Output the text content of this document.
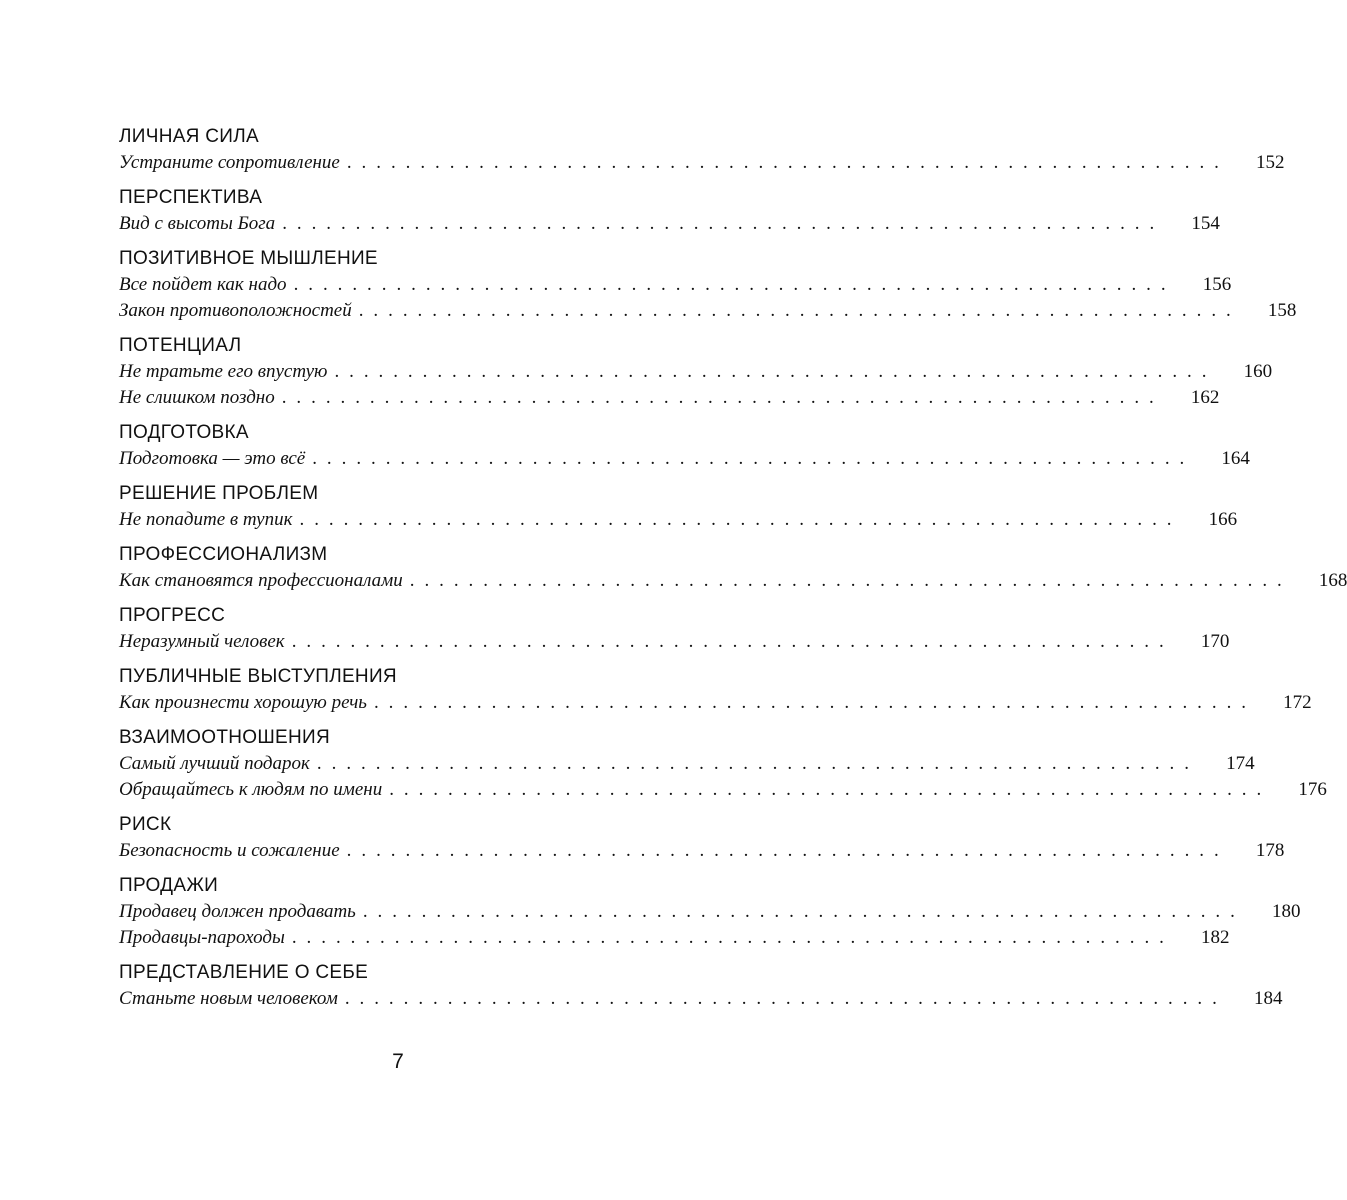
ЛИЧНАЯ СИЛА
Устраните сопротивление . . . . . . . . . . . . . . . . . . . . . . . . . . . . . . . . . . . . . . . . . . . . . . . . . . . . . . . . . . . .	152
ПЕРСПЕКТИВА
Вид с высоты Бога . . . . . . . . . . . . . . . . . . . . . . . . . . . . . . . . . . . . . . . . . . . . . . . . . . . . . . . . . . . .	154
ПОЗИТИВНОЕ МЫШЛЕНИЕ
Все пойдет как надо . . . . . . . . . . . . . . . . . . . . . . . . . . . . . . . . . . . . . . . . . . . . . . . . . . . . . . . . . . . .	156
Закон противоположностей . . . . . . . . . . . . . . . . . . . . . . . . . . . . . . . . . . . . . . . . . . . . . . . . . . . . . . . . . . . .	158
ПОТЕНЦИАЛ
Не тратьте его впустую . . . . . . . . . . . . . . . . . . . . . . . . . . . . . . . . . . . . . . . . . . . . . . . . . . . . . . . . . . . .	160
Не слишком поздно . . . . . . . . . . . . . . . . . . . . . . . . . . . . . . . . . . . . . . . . . . . . . . . . . . . . . . . . . . . .	162
ПОДГОТОВКА
Подготовка — это всё . . . . . . . . . . . . . . . . . . . . . . . . . . . . . . . . . . . . . . . . . . . . . . . . . . . . . . . . . . . .	164
РЕШЕНИЕ ПРОБЛЕМ
Не попадите в тупик . . . . . . . . . . . . . . . . . . . . . . . . . . . . . . . . . . . . . . . . . . . . . . . . . . . . . . . . . . . .	166
ПРОФЕССИОНАЛИЗМ
Как становятся профессионалами . . . . . . . . . . . . . . . . . . . . . . . . . . . . . . . . . . . . . . . . . . . . . . . . . . . . . . . . . . . .	168
ПРОГРЕСС
Неразумный человек . . . . . . . . . . . . . . . . . . . . . . . . . . . . . . . . . . . . . . . . . . . . . . . . . . . . . . . . . . . .	170
ПУБЛИЧНЫЕ ВЫСТУПЛЕНИЯ
Как произнести хорошую речь . . . . . . . . . . . . . . . . . . . . . . . . . . . . . . . . . . . . . . . . . . . . . . . . . . . . . . . . . . . .	172
ВЗАИМООТНОШЕНИЯ
Самый лучший подарок . . . . . . . . . . . . . . . . . . . . . . . . . . . . . . . . . . . . . . . . . . . . . . . . . . . . . . . . . . . .	174
Обращайтесь к людям по имени . . . . . . . . . . . . . . . . . . . . . . . . . . . . . . . . . . . . . . . . . . . . . . . . . . . . . . . . . . . .	176
РИСК
Безопасность и сожаление . . . . . . . . . . . . . . . . . . . . . . . . . . . . . . . . . . . . . . . . . . . . . . . . . . . . . . . . . . . .	178
ПРОДАЖИ
Продавец должен продавать . . . . . . . . . . . . . . . . . . . . . . . . . . . . . . . . . . . . . . . . . . . . . . . . . . . . . . . . . . . .	180
Продавцы-пароходы . . . . . . . . . . . . . . . . . . . . . . . . . . . . . . . . . . . . . . . . . . . . . . . . . . . . . . . . . . . .	182
ПРЕДСТАВЛЕНИЕ О СЕБЕ
Станьте новым человеком . . . . . . . . . . . . . . . . . . . . . . . . . . . . . . . . . . . . . . . . . . . . . . . . . . . . . . . . . . . .	184
7
